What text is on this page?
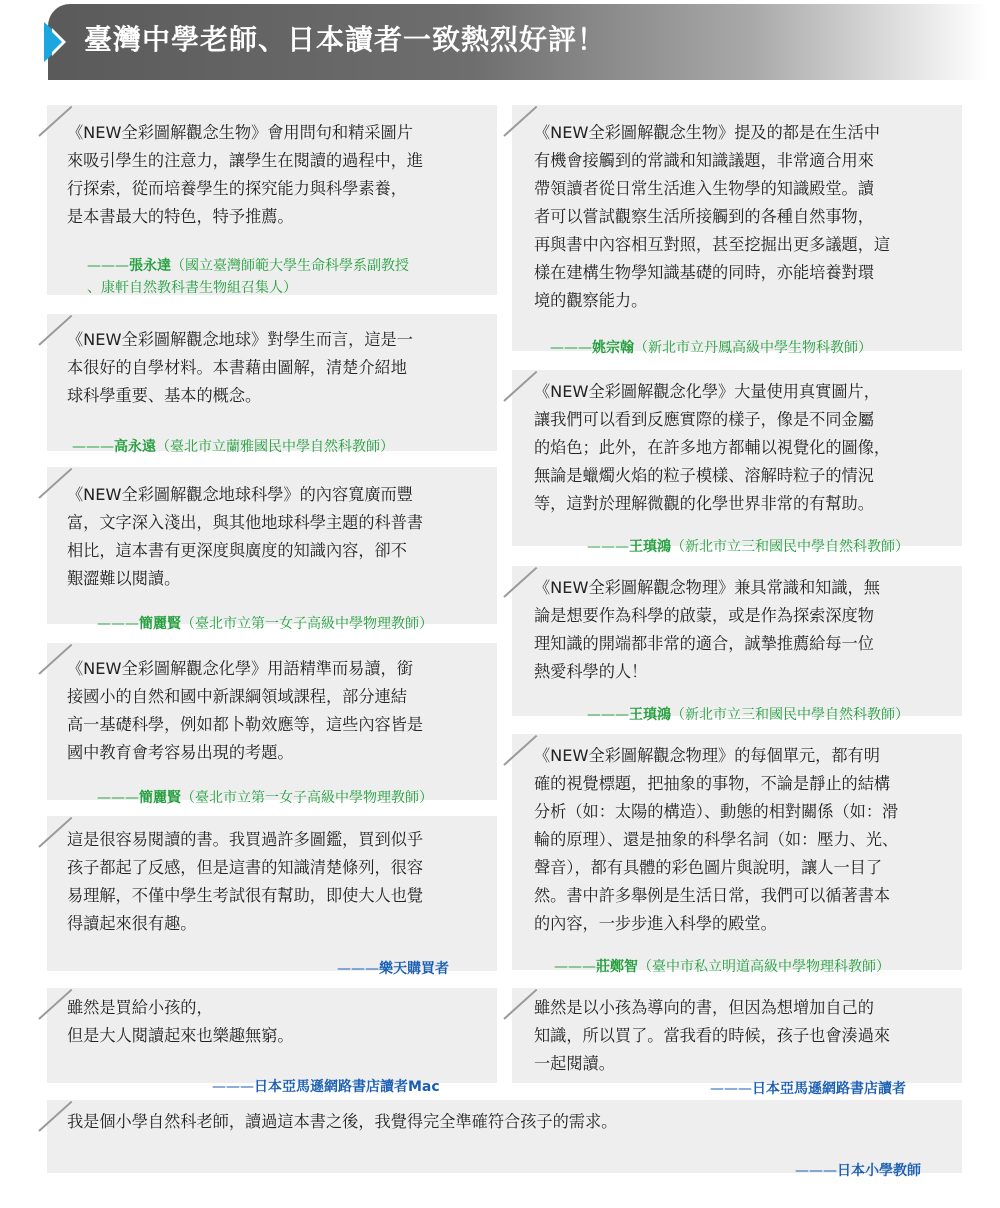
臺灣中學老師、日本讀者一致熱烈好評！
《NEW全彩圖解觀念生物》會用問句和精采圖片
來吸引學生的注意力，讓學生在閱讀的過程中，進
行探索，從而培養學生的探究能力與科學素養，
是本書最大的特色，特予推薦。

———張永達（國立臺灣師範大學生命科學系副教授
、康軒自然教科書生物組召集人）

《NEW全彩圖解觀念生物》提及的都是在生活中
有機會接觸到的常識和知識議題，非常適合用來
帶領讀者從日常生活進入生物學的知識殿堂。讀
者可以嘗試觀察生活所接觸到的各種自然事物，
再與書中內容相互對照，甚至挖掘出更多議題，這
樣在建構生物學知識基礎的同時，亦能培養對環
境的觀察能力。

———姚宗翰（新北市立丹鳳高級中學生物科教師）

《NEW全彩圖解觀念地球》對學生而言，這是一
本很好的自學材料。本書藉由圖解，清楚介紹地
球科學重要、基本的概念。

———高永遠（臺北市立蘭雅國民中學自然科教師）

《NEW全彩圖解觀念化學》大量使用真實圖片，
讓我們可以看到反應實際的樣子，像是不同金屬
的焰色；此外，在許多地方都輔以視覺化的圖像，
無論是蠟燭火焰的粒子模樣、溶解時粒子的情況
等，這對於理解微觀的化學世界非常的有幫助。

———王瑱鴻（新北市立三和國民中學自然科教師）

《NEW全彩圖解觀念地球科學》的內容寬廣而豐
富，文字深入淺出，與其他地球科學主題的科普書
相比，這本書有更深度與廣度的知識內容，卻不
艱澀難以閱讀。

———簡麗賢（臺北市立第一女子高級中學物理教師）

《NEW全彩圖解觀念物理》兼具常識和知識，無
論是想要作為科學的啟蒙，或是作為探索深度物
理知識的開端都非常的適合，誠摯推薦給每一位
熱愛科學的人！

———王瑱鴻（新北市立三和國民中學自然科教師）

《NEW全彩圖解觀念化學》用語精準而易讀，銜
接國小的自然和國中新課綱領域課程，部分連結
高一基礎科學，例如都卜勒效應等，這些內容皆是
國中教育會考容易出現的考題。

———簡麗賢（臺北市立第一女子高級中學物理教師）

《NEW全彩圖解觀念物理》的每個單元，都有明
確的視覺標題，把抽象的事物，不論是靜止的結構
分析（如：太陽的構造）、動態的相對關係（如：滑
輪的原理）、還是抽象的科學名詞（如：壓力、光、
聲音），都有具體的彩色圖片與說明，讓人一目了
然。書中許多舉例是生活日常，我們可以循著書本
的內容，一步步進入科學的殿堂。

———莊鄭智（臺中市私立明道高級中學物理科教師）

這是很容易閱讀的書。我買過許多圖鑑，買到似乎
孩子都起了反感，但是這書的知識清楚條列，很容
易理解，不僅中學生考試很有幫助，即使大人也覺
得讀起來很有趣。

———樂天購買者

雖然是買給小孩的，
但是大人閱讀起來也樂趣無窮。

———日本亞馬遜網路書店讀者Mac

雖然是以小孩為導向的書，但因為想增加自己的
知識，所以買了。當我看的時候，孩子也會湊過來
一起閱讀。

———日本亞馬遜網路書店讀者

我是個小學自然科老師，讀過這本書之後，我覺得完全準確符合孩子的需求。

———日本小學教師
